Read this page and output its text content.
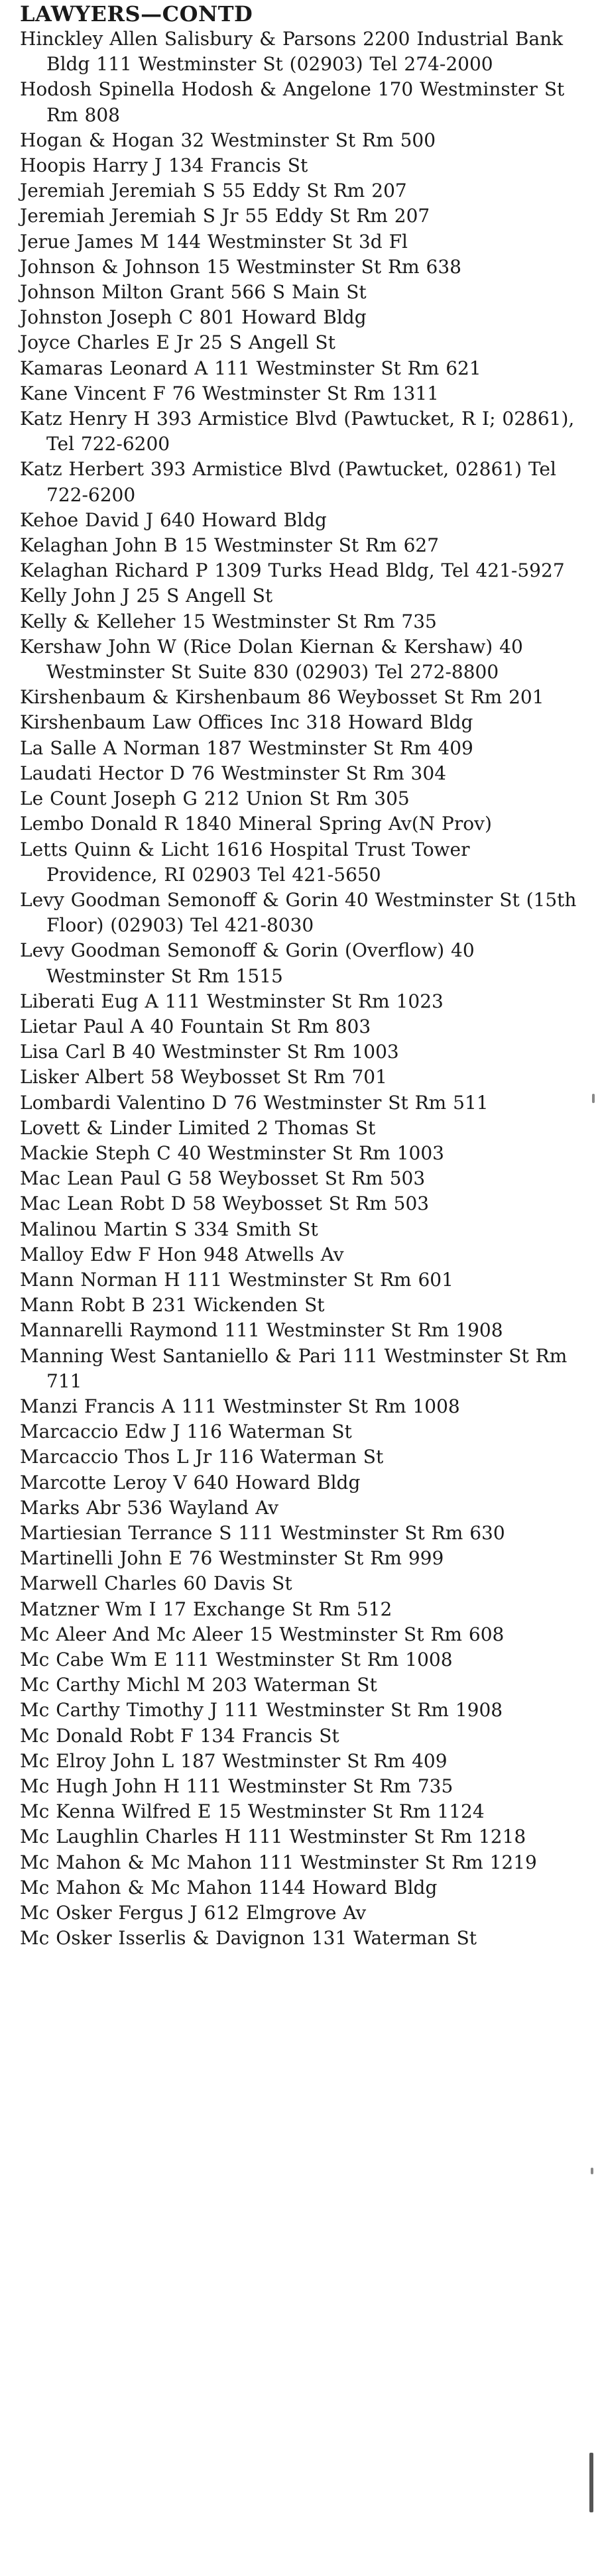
LAWYERS—CONTD
Hinckley Allen Salisbury & Parsons 2200 Industrial Bank Bldg 111 Westminster St (02903) Tel 274-2000
Hodosh Spinella Hodosh & Angelone 170 Westminster St Rm 808
Hogan & Hogan 32 Westminster St Rm 500
Hoopis Harry J 134 Francis St
Jeremiah Jeremiah S 55 Eddy St Rm 207
Jeremiah Jeremiah S Jr 55 Eddy St Rm 207
Jerue James M 144 Westminster St 3d Fl
Johnson & Johnson 15 Westminster St Rm 638
Johnson Milton Grant 566 S Main St
Johnston Joseph C 801 Howard Bldg
Joyce Charles E Jr 25 S Angell St
Kamaras Leonard A 111 Westminster St Rm 621
Kane Vincent F 76 Westminster St Rm 1311
Katz Henry H 393 Armistice Blvd (Pawtucket, R I; 02861), Tel 722-6200
Katz Herbert 393 Armistice Blvd (Pawtucket, 02861) Tel 722-6200
Kehoe David J 640 Howard Bldg
Kelaghan John B 15 Westminster St Rm 627
Kelaghan Richard P 1309 Turks Head Bldg, Tel 421-5927
Kelly John J 25 S Angell St
Kelly & Kelleher 15 Westminster St Rm 735
Kershaw John W (Rice Dolan Kiernan & Kershaw) 40 Westminster St Suite 830 (02903) Tel 272-8800
Kirshenbaum & Kirshenbaum 86 Weybosset St Rm 201
Kirshenbaum Law Offices Inc 318 Howard Bldg
La Salle A Norman 187 Westminster St Rm 409
Laudati Hector D 76 Westminster St Rm 304
Le Count Joseph G 212 Union St Rm 305
Lembo Donald R 1840 Mineral Spring Av(N Prov)
Letts Quinn & Licht 1616 Hospital Trust Tower Providence, RI 02903 Tel 421-5650
Levy Goodman Semonoff & Gorin 40 Westminster St (15th Floor) (02903) Tel 421-8030
Levy Goodman Semonoff & Gorin (Overflow) 40 Westminster St Rm 1515
Liberati Eug A 111 Westminster St Rm 1023
Lietar Paul A 40 Fountain St Rm 803
Lisa Carl B 40 Westminster St Rm 1003
Lisker Albert 58 Weybosset St Rm 701
Lombardi Valentino D 76 Westminster St Rm 511
Lovett & Linder Limited 2 Thomas St
Mackie Steph C 40 Westminster St Rm 1003
Mac Lean Paul G 58 Weybosset St Rm 503
Mac Lean Robt D 58 Weybosset St Rm 503
Malinou Martin S 334 Smith St
Malloy Edw F Hon 948 Atwells Av
Mann Norman H 111 Westminster St Rm 601
Mann Robt B 231 Wickenden St
Mannarelli Raymond 111 Westminster St Rm 1908
Manning West Santaniello & Pari 111 Westminster St Rm 711
Manzi Francis A 111 Westminster St Rm 1008
Marcaccio Edw J 116 Waterman St
Marcaccio Thos L Jr 116 Waterman St
Marcotte Leroy V 640 Howard Bldg
Marks Abr 536 Wayland Av
Martiesian Terrance S 111 Westminster St Rm 630
Martinelli John E 76 Westminster St Rm 999
Marwell Charles 60 Davis St
Matzner Wm I 17 Exchange St Rm 512
Mc Aleer And Mc Aleer 15 Westminster St Rm 608
Mc Cabe Wm E 111 Westminster St Rm 1008
Mc Carthy Michl M 203 Waterman St
Mc Carthy Timothy J 111 Westminster St Rm 1908
Mc Donald Robt F 134 Francis St
Mc Elroy John L 187 Westminster St Rm 409
Mc Hugh John H 111 Westminster St Rm 735
Mc Kenna Wilfred E 15 Westminster St Rm 1124
Mc Laughlin Charles H 111 Westminster St Rm 1218
Mc Mahon & Mc Mahon 111 Westminster St Rm 1219
Mc Mahon & Mc Mahon 1144 Howard Bldg
Mc Osker Fergus J 612 Elmgrove Av
Mc Osker Isserlis & Davignon 131 Waterman St
